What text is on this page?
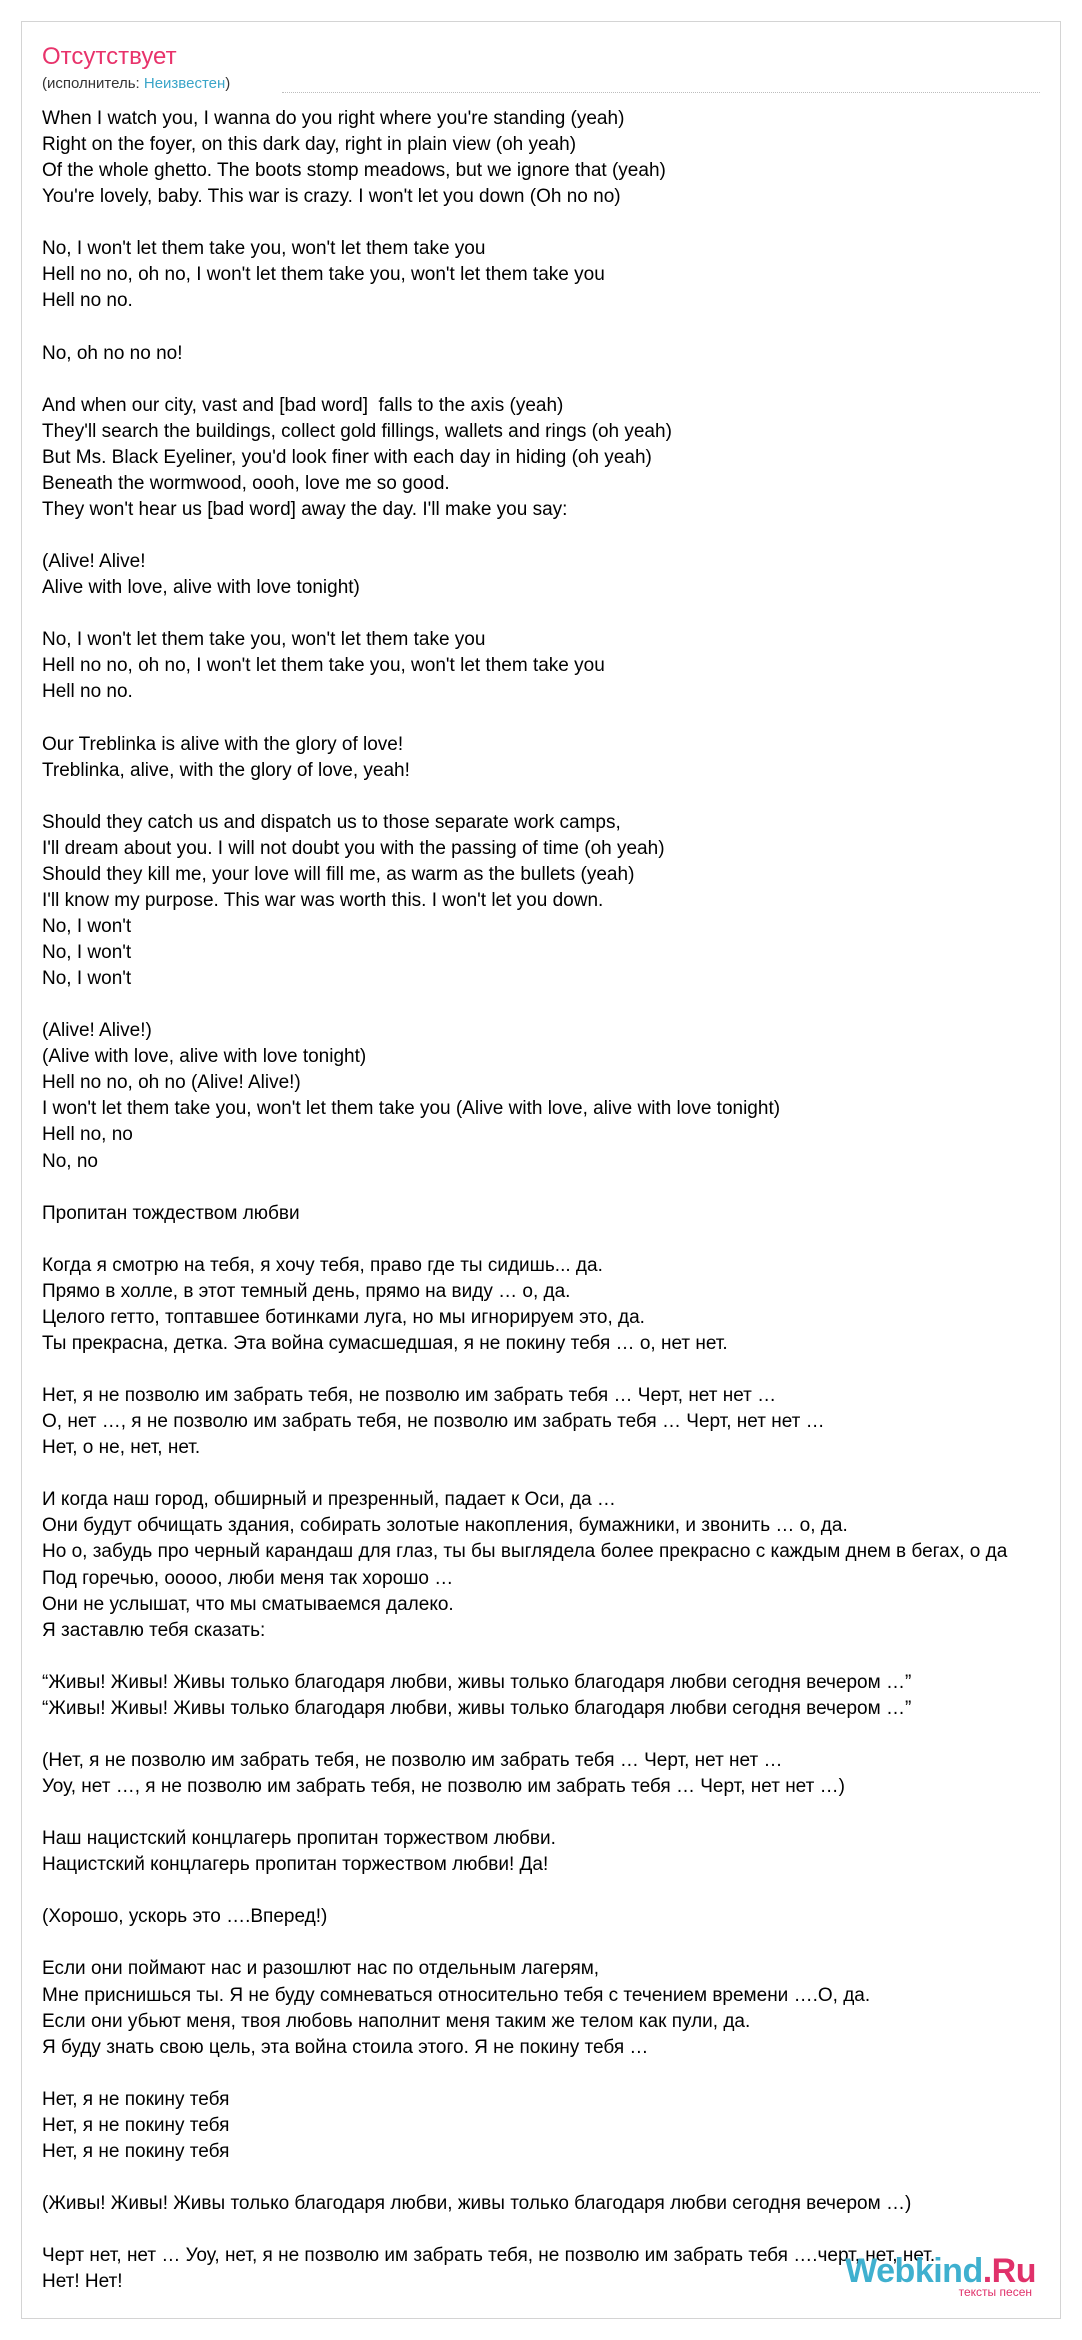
Отсутствует
(исполнитель: Неизвестен)
When I watch you, I wanna do you right where you're standing (yeah)
Right on the foyer, on this dark day, right in plain view (oh yeah)
Of the whole ghetto. The boots stomp meadows, but we ignore that (yeah)
You're lovely, baby. This war is crazy. I won't let you down (Oh no no)

No, I won't let them take you, won't let them take you
Hell no no, oh no, I won't let them take you, won't let them take you
Hell no no.

No, oh no no no!

And when our city, vast and [bad word]  falls to the axis (yeah)
They'll search the buildings, collect gold fillings, wallets and rings (oh yeah)
But Ms. Black Eyeliner, you'd look finer with each day in hiding (oh yeah)
Beneath the wormwood, oooh, love me so good.
They won't hear us [bad word] away the day. I'll make you say:

(Alive! Alive!
Alive with love, alive with love tonight)

No, I won't let them take you, won't let them take you
Hell no no, oh no, I won't let them take you, won't let them take you
Hell no no.

Our Treblinka is alive with the glory of love!
Treblinka, alive, with the glory of love, yeah!

Should they catch us and dispatch us to those separate work camps,
I'll dream about you. I will not doubt you with the passing of time (oh yeah)
Should they kill me, your love will fill me, as warm as the bullets (yeah)
I'll know my purpose. This war was worth this. I won't let you down.
No, I won't
No, I won't
No, I won't

(Alive! Alive!)
(Alive with love, alive with love tonight)
Hell no no, oh no (Alive! Alive!)
I won't let them take you, won't let them take you (Alive with love, alive with love tonight)
Hell no, no
No, no

Пропитан тождеством любви

Когда я смотрю на тебя, я хочу тебя, право где ты сидишь... да.
Прямо в холле, в этот темный день, прямо на виду … о, да.
Целого гетто, топтавшее ботинками луга, но мы игнорируем это, да.
Ты прекрасна, детка. Эта война сумасшедшая, я не покину тебя … о, нет нет.

Нет, я не позволю им забрать тебя, не позволю им забрать тебя … Черт, нет нет …
О, нет …, я не позволю им забрать тебя, не позволю им забрать тебя … Черт, нет нет …
Нет, о не, нет, нет.

И когда наш город, обширный и презренный, падает к Оси, да …
Они будут обчищать здания, собирать золотые накопления, бумажники, и звонить … о, да.
Но о, забудь про черный карандаш для глаз, ты бы выглядела более прекрасно с каждым днем в бегах, о да
Под горечью, ооооо, люби меня так хорошо …
Они не услышат, что мы сматываемся далеко.
Я заставлю тебя сказать:

“Живы! Живы! Живы только благодаря любви, живы только благодаря любви сегодня вечером …”
“Живы! Живы! Живы только благодаря любви, живы только благодаря любви сегодня вечером …”

(Нет, я не позволю им забрать тебя, не позволю им забрать тебя … Черт, нет нет …
Уоу, нет …, я не позволю им забрать тебя, не позволю им забрать тебя … Черт, нет нет …)

Наш нацистский концлагерь пропитан торжеством любви.
Нацистский концлагерь пропитан торжеством любви! Да!

(Хорошо, ускорь это ….Вперед!)

Если они поймают нас и разошлют нас по отдельным лагерям,
Мне приснишься ты. Я не буду сомневаться относительно тебя с течением времени ….О, да.
Если они убьют меня, твоя любовь наполнит меня таким же телом как пули, да.
Я буду знать свою цель, эта война стоила этого. Я не покину тебя …

Нет, я не покину тебя
Нет, я не покину тебя
Нет, я не покину тебя

(Живы! Живы! Живы только благодаря любви, живы только благодаря любви сегодня вечером …)

Черт нет, нет … Уоу, нет, я не позволю им забрать тебя, не позволю им забрать тебя ….черт, нет, нет.
Нет! Нет!	Webkind.Ru
тексты песен
